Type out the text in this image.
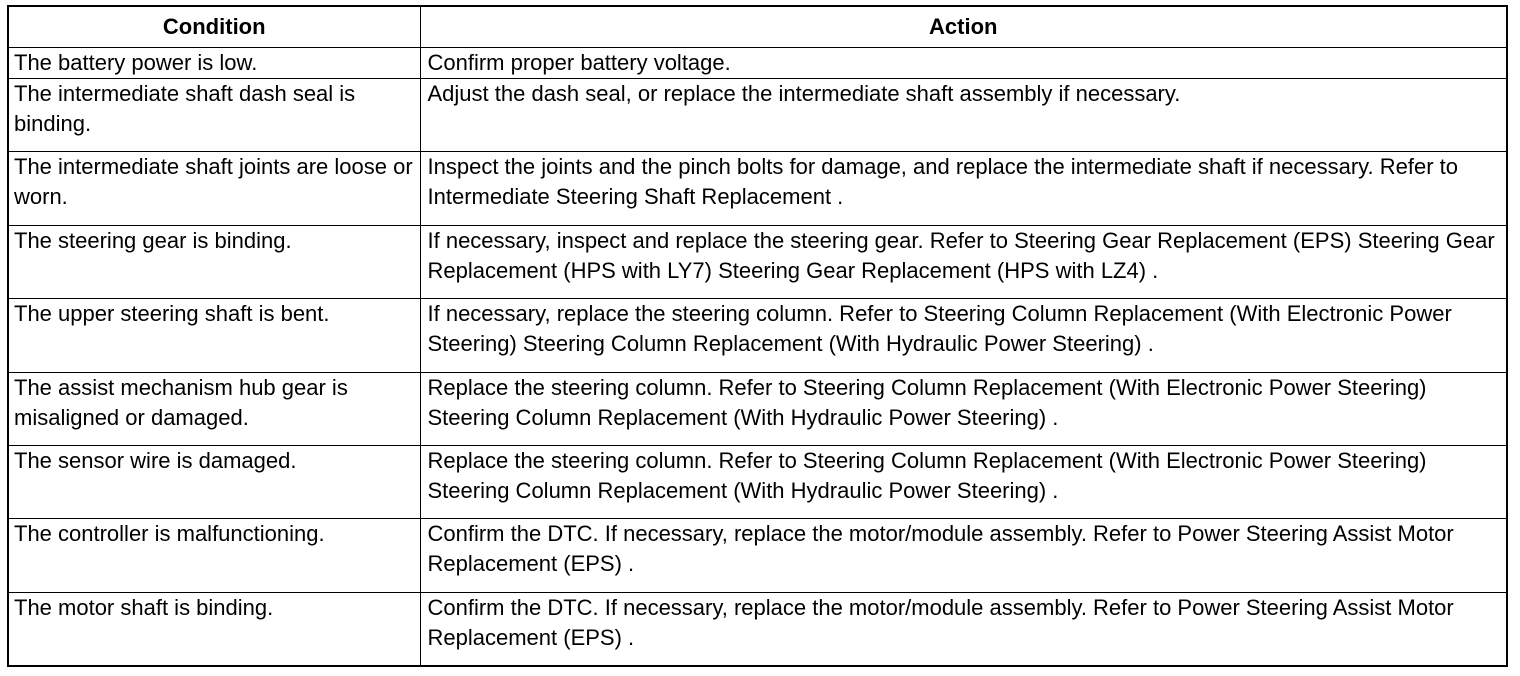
Condition	Action
The battery power is low.	Confirm proper battery voltage.
The intermediate shaft dash seal is binding.	Adjust the dash seal, or replace the intermediate shaft assembly if necessary.
The intermediate shaft joints are loose or worn.	Inspect the joints and the pinch bolts for damage, and replace the intermediate shaft if necessary. Refer to Intermediate Steering Shaft Replacement .
The steering gear is binding.	If necessary, inspect and replace the steering gear. Refer to Steering Gear Replacement (EPS) Steering Gear Replacement (HPS with LY7) Steering Gear Replacement (HPS with LZ4) .
The upper steering shaft is bent.	If necessary, replace the steering column. Refer to Steering Column Replacement (With Electronic Power Steering) Steering Column Replacement (With Hydraulic Power Steering) .
The assist mechanism hub gear is misaligned or damaged.	Replace the steering column. Refer to Steering Column Replacement (With Electronic Power Steering) Steering Column Replacement (With Hydraulic Power Steering) .
The sensor wire is damaged.	Replace the steering column. Refer to Steering Column Replacement (With Electronic Power Steering) Steering Column Replacement (With Hydraulic Power Steering) .
The controller is malfunctioning.	Confirm the DTC. If necessary, replace the motor/module assembly. Refer to Power Steering Assist Motor Replacement (EPS) .
The motor shaft is binding.	Confirm the DTC. If necessary, replace the motor/module assembly. Refer to Power Steering Assist Motor Replacement (EPS) .
